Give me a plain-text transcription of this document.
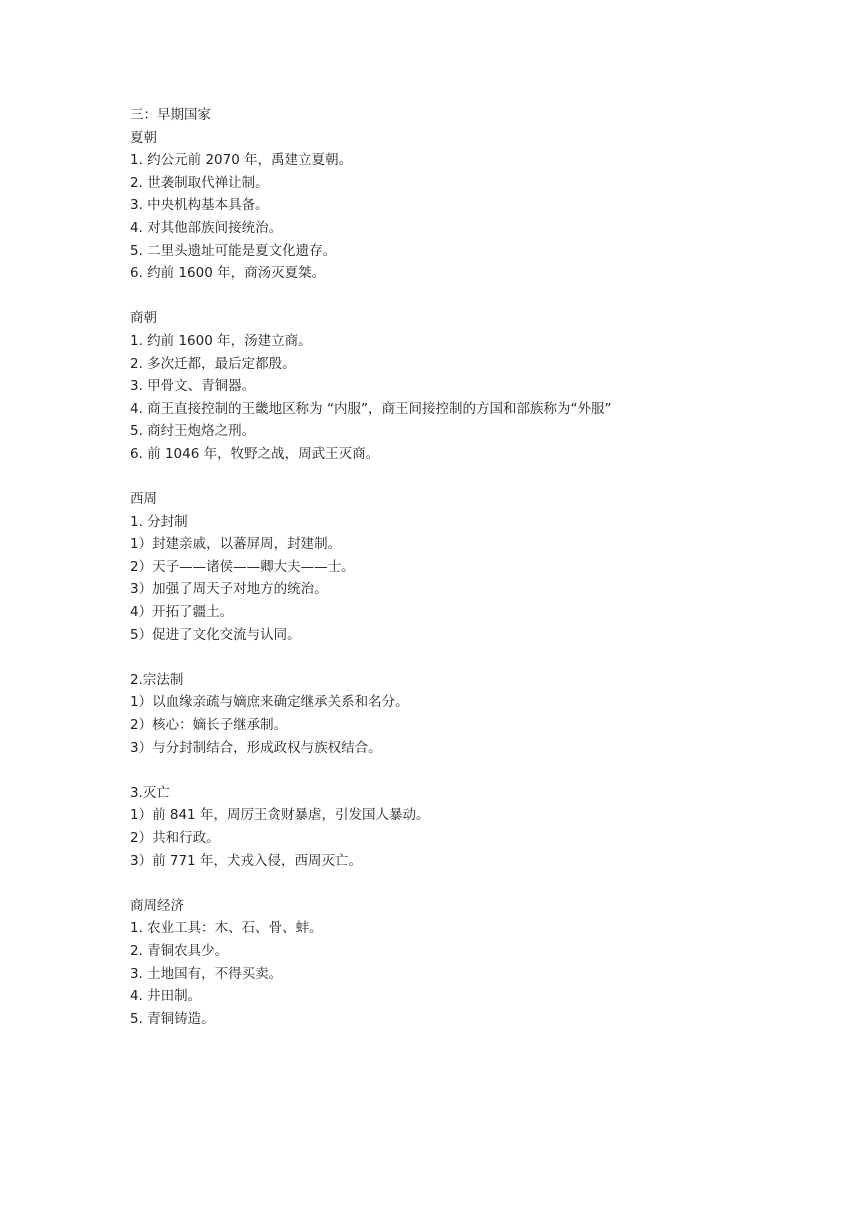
三：早期国家
夏朝
1. 约公元前 2070 年，禹建立夏朝。
2. 世袭制取代禅让制。
3. 中央机构基本具备。
4. 对其他部族间接统治。
5. 二里头遗址可能是夏文化遗存。
6. 约前 1600 年，商汤灭夏桀。
商朝
1. 约前 1600 年，汤建立商。
2. 多次迁都，最后定都殷。
3. 甲骨文、青铜器。
4. 商王直接控制的王畿地区称为 “内服”，商王间接控制的方国和部族称为“外服”
5. 商纣王炮烙之刑。
6. 前 1046 年，牧野之战，周武王灭商。
西周
1. 分封制
1）封建亲戚，以蕃屏周，封建制。
2）天子——诸侯——卿大夫——士。
3）加强了周天子对地方的统治。
4）开拓了疆土。
5）促进了文化交流与认同。
2.宗法制
1）以血缘亲疏与嫡庶来确定继承关系和名分。
2）核心：嫡长子继承制。
3）与分封制结合，形成政权与族权结合。
3.灭亡
1）前 841 年，周厉王贪财暴虐，引发国人暴动。
2）共和行政。
3）前 771 年，犬戎入侵，西周灭亡。
商周经济
1. 农业工具：木、石、骨、蚌。
2. 青铜农具少。
3. 土地国有，不得买卖。
4. 井田制。
5. 青铜铸造。
